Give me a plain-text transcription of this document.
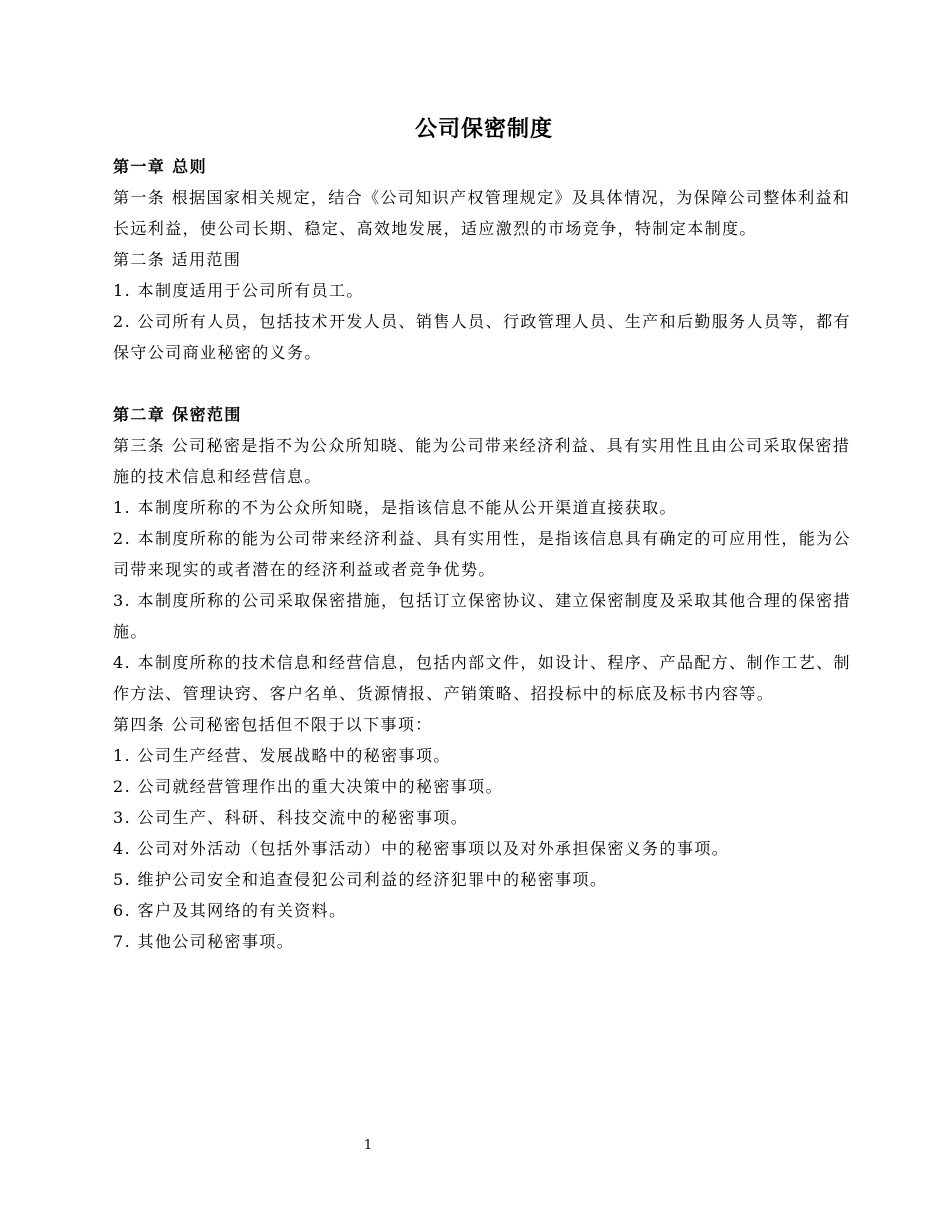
公司保密制度

第一章 总则

第一条 根据国家相关规定，结合《公司知识产权管理规定》及具体情况，为保障公司整体利益和长远利益，使公司长期、稳定、高效地发展，适应激烈的市场竞争，特制定本制度。

第二条 适用范围

1. 本制度适用于公司所有员工。

2. 公司所有人员，包括技术开发人员、销售人员、行政管理人员、生产和后勤服务人员等，都有保守公司商业秘密的义务。

第二章 保密范围

第三条 公司秘密是指不为公众所知晓、能为公司带来经济利益、具有实用性且由公司采取保密措施的技术信息和经营信息。

1. 本制度所称的不为公众所知晓，是指该信息不能从公开渠道直接获取。

2. 本制度所称的能为公司带来经济利益、具有实用性，是指该信息具有确定的可应用性，能为公司带来现实的或者潜在的经济利益或者竞争优势。

3. 本制度所称的公司采取保密措施，包括订立保密协议、建立保密制度及采取其他合理的保密措施。

4. 本制度所称的技术信息和经营信息，包括内部文件，如设计、程序、产品配方、制作工艺、制作方法、管理诀窍、客户名单、货源情报、产销策略、招投标中的标底及标书内容等。

第四条 公司秘密包括但不限于以下事项：

1. 公司生产经营、发展战略中的秘密事项。

2. 公司就经营管理作出的重大决策中的秘密事项。

3. 公司生产、科研、科技交流中的秘密事项。

4. 公司对外活动（包括外事活动）中的秘密事项以及对外承担保密义务的事项。

5. 维护公司安全和追查侵犯公司利益的经济犯罪中的秘密事项。

6. 客户及其网络的有关资料。

7. 其他公司秘密事项。

1
